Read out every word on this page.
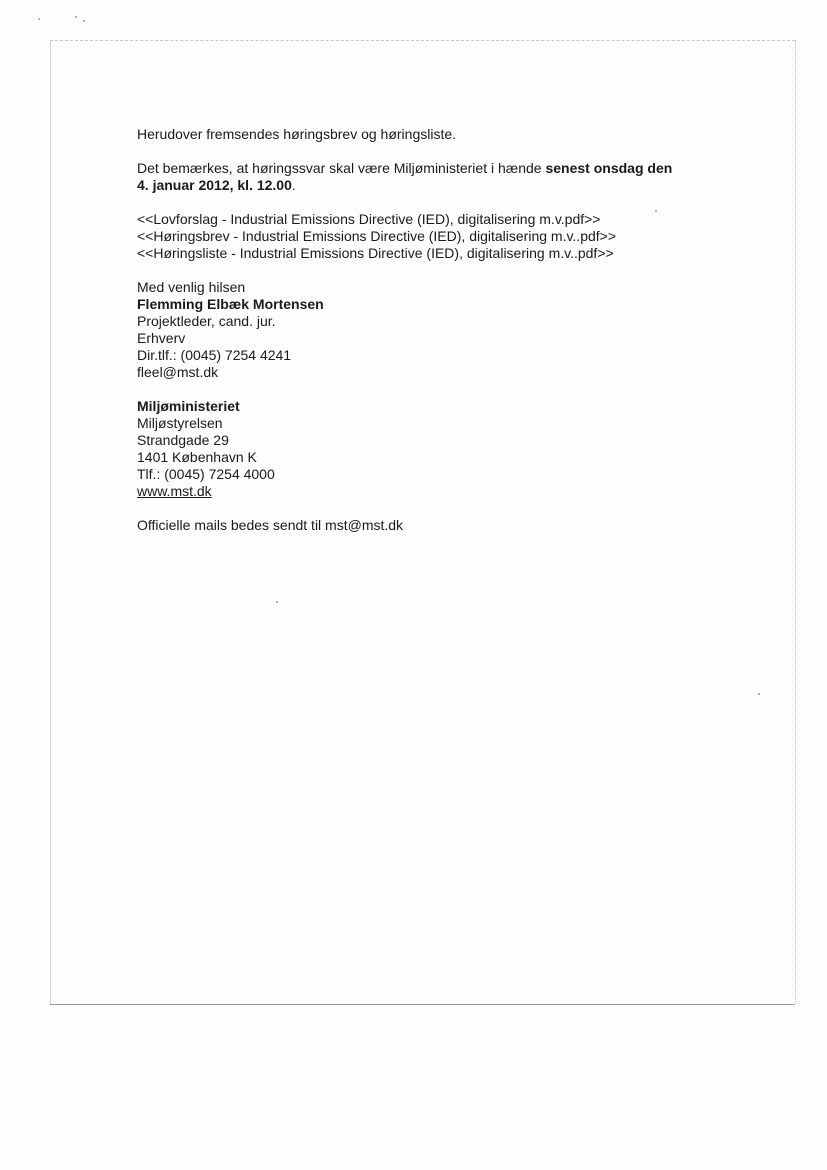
Herudover fremsendes høringsbrev og høringsliste.

Det bemærkes, at høringssvar skal være Miljøministeriet i hænde senest onsdag den
4. januar 2012, kl. 12.00.

<<Lovforslag - Industrial Emissions Directive (IED), digitalisering m.v.pdf>>

<<Høringsbrev - Industrial Emissions Directive (IED), digitalisering m.v..pdf>>

<<Høringsliste - Industrial Emissions Directive (IED), digitalisering m.v..pdf>>

Med venlig hilsen

Flemming Elbæk Mortensen

Projektleder, cand. jur.

Erhverv

Dir.tlf.: (0045) 7254 4241

fleel@mst.dk

Miljøministeriet

Miljøstyrelsen

Strandgade 29

1401 København K

Tlf.: (0045) 7254 4000

www.mst.dk

Officielle mails bedes sendt til mst@mst.dk
